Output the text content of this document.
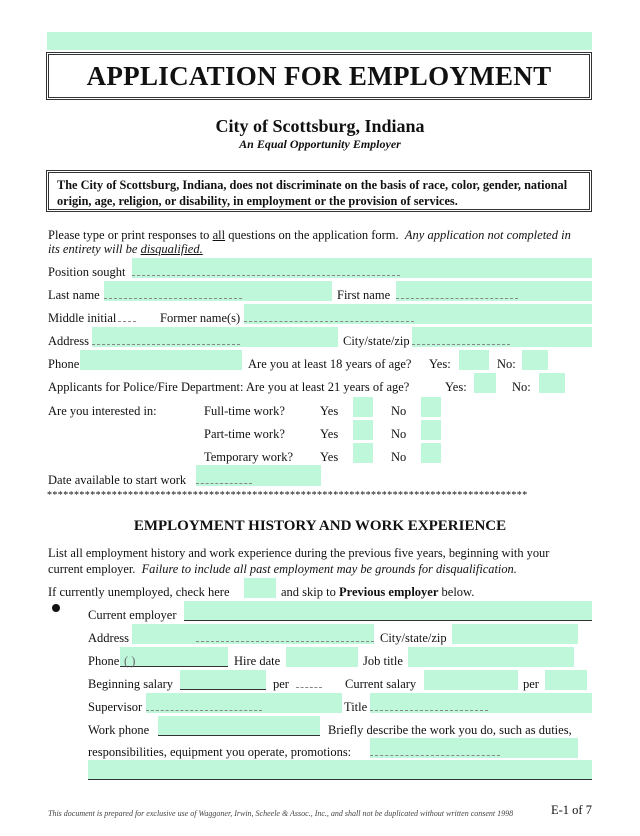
APPLICATION FOR EMPLOYMENT
City of Scottsburg, Indiana
An Equal Opportunity Employer
The City of Scottsburg, Indiana, does not discriminate on the basis of race, color, gender, national origin, age, religion, or disability, in employment or the provision of services.
Please type or print responses to all questions on the application form. Any application not completed in
its entirety will be disqualified.
Position sought
Last name	First name
Middle initial	Former name(s)
Address	City/state/zip
Phone	Are you at least 18 years of age? Yes:	No:
Applicants for Police/Fire Department: Are you at least 21 years of age?	Yes:	No:
Are you interested in:	Full-time work?	Yes	No
Part-time work?	Yes	No
Temporary work? Yes	No
Date available to start work
*****************************************************************************************
EMPLOYMENT HISTORY AND WORK EXPERIENCE
List all employment history and work experience during the previous five years, beginning with your
current employer. Failure to include all past employment may be grounds for disqualification.
If currently unemployed, check here	and skip to Previous employer below.
Current employer
Address	City/state/zip
Phone ( )	Hire date	Job title
Beginning salary	per	Current salary	per
Supervisor	Title
Work phone	Briefly describe the work you do, such as duties,
responsibilities, equipment you operate, promotions:
This document is prepared for exclusive use of Waggoner, Irwin, Scheele & Assoc., Inc., and shall not be duplicated without written consent 1998	E-1 of 7
